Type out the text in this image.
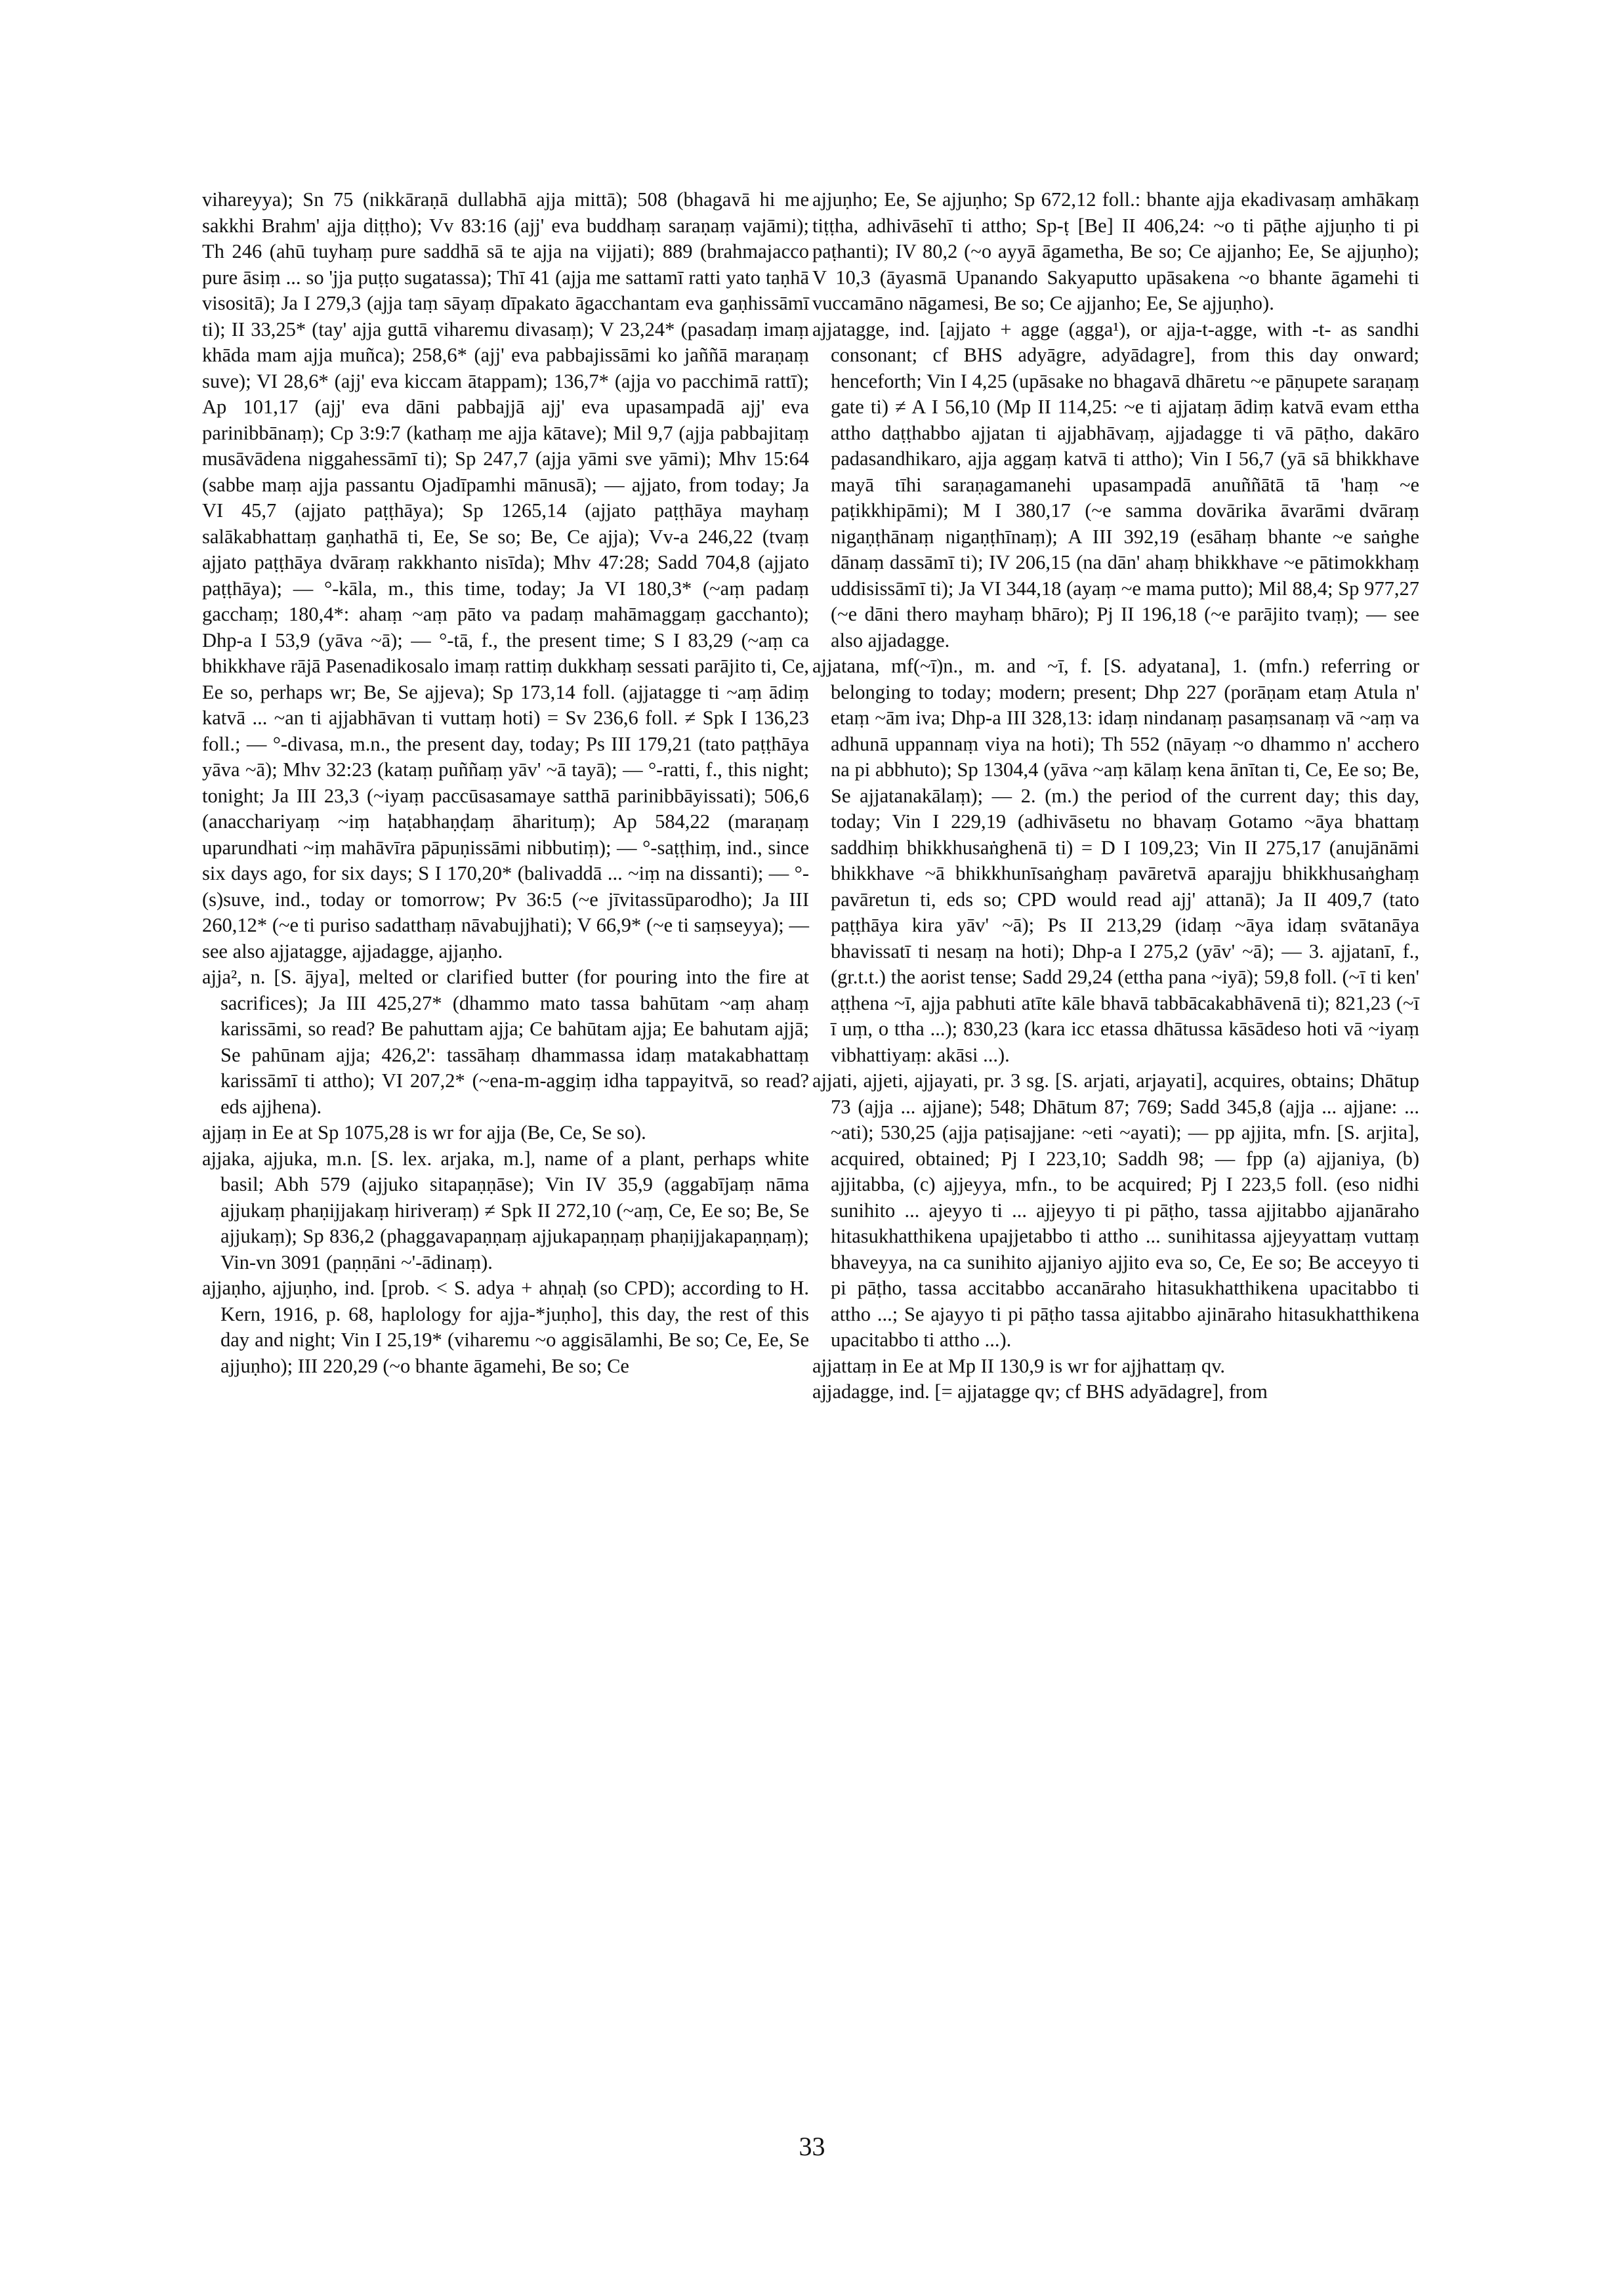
vihareyya); Sn 75 (nikkāraṇā dullabhā ajja mittā); 508 (bhagavā hi me sakkhi Brahm' ajja diṭṭho); Vv 83:16 (ajj' eva buddhaṃ saraṇaṃ vajāmi); Th 246 (ahū tuyhaṃ pure saddhā sā te ajja na vijjati); 889 (brahmajacco pure āsiṃ ... so 'jja puṭṭo sugatassa); Thī 41 (ajja me sattamī ratti yato taṇhā visositā); Ja I 279,3 (ajja taṃ sāyaṃ dīpakato āgacchantam eva gaṇhissāmī ti); II 33,25* (tay' ajja guttā viharemu divasaṃ); V 23,24* (pasadaṃ imaṃ khāda mam ajja muñca); 258,6* (ajj' eva pabbajissāmi ko jaññā maraṇaṃ suve); VI 28,6* (ajj' eva kiccam ātappam); 136,7* (ajja vo pacchimā rattī); Ap 101,17 (ajj' eva dāni pabbajjā ajj' eva upasampadā ajj' eva parinibbānaṃ); Cp 3:9:7 (kathaṃ me ajja kātave); Mil 9,7 (ajja pabbajitaṃ musāvādena niggahessāmī ti); Sp 247,7 (ajja yāmi sve yāmi); Mhv 15:64 (sabbe maṃ ajja passantu Ojadīpamhi mānusā); — ajjato, from today; Ja VI 45,7 (ajjato paṭṭhāya); Sp 1265,14 (ajjato paṭṭhāya mayhaṃ salākabhattaṃ gaṇhathā ti, Ee, Se so; Be, Ce ajja); Vv-a 246,22 (tvaṃ ajjato paṭṭhāya dvāraṃ rakkhanto nisīda); Mhv 47:28; Sadd 704,8 (ajjato paṭṭhāya); — °-kāla, m., this time, today; Ja VI 180,3* (~aṃ padaṃ gacchaṃ; 180,4*: ahaṃ ~aṃ pāto va padaṃ mahāmaggaṃ gacchanto); Dhp-a I 53,9 (yāva ~ā); — °-tā, f., the present time; S I 83,29 (~aṃ ca bhikkhave rājā Pasenadikosalo imaṃ rattiṃ dukkhaṃ sessati parājito ti, Ce, Ee so, perhaps wr; Be, Se ajjeva); Sp 173,14 foll. (ajjatagge ti ~aṃ ādiṃ katvā ... ~an ti ajjabhāvan ti vuttaṃ hoti) = Sv 236,6 foll. ≠ Spk I 136,23 foll.; — °-divasa, m.n., the present day, today; Ps III 179,21 (tato paṭṭhāya yāva ~ā); Mhv 32:23 (kataṃ puññaṃ yāv' ~ā tayā); — °-ratti, f., this night; tonight; Ja III 23,3 (~iyaṃ paccūsasamaye satthā parinibbāyissati); 506,6 (anacchariyaṃ ~iṃ haṭabhaṇḍaṃ āharituṃ); Ap 584,22 (maraṇaṃ uparundhati ~iṃ mahāvīra pāpuṇissāmi nibbutiṃ); — °-saṭṭhiṃ, ind., since six days ago, for six days; S I 170,20* (balivaddā ... ~iṃ na dissanti); — °-(s)suve, ind., today or tomorrow; Pv 36:5 (~e jīvitassūparodho); Ja III 260,12* (~e ti puriso sadatthaṃ nāvabujjhati); V 66,9* (~e ti saṃseyya); — see also ajjatagge, ajjadagge, ajjaṇho.

ajja², n. [S. ājya], melted or clarified butter (for pouring into the fire at sacrifices); Ja III 425,27* (dhammo mato tassa bahūtam ~aṃ ahaṃ karissāmi, so read? Be pahuttam ajja; Ce bahūtam ajja; Ee bahutam ajjā; Se pahūnam ajja; 426,2': tassāhaṃ dhammassa idaṃ matakabhattaṃ karissāmī ti attho); VI 207,2* (~ena-m-aggiṃ idha tappayitvā, so read? eds ajjhena).

ajjaṃ in Ee at Sp 1075,28 is wr for ajja (Be, Ce, Se so).

ajjaka, ajjuka, m.n. [S. lex. arjaka, m.], name of a plant, perhaps white basil; Abh 579 (ajjuko sitapaṇṇāse); Vin IV 35,9 (aggabījaṃ nāma ajjukaṃ phaṇijjakaṃ hiriveraṃ) ≠ Spk II 272,10 (~aṃ, Ce, Ee so; Be, Se ajjukaṃ); Sp 836,2 (phaggavapaṇṇaṃ ajjukapaṇṇaṃ phaṇijjakapaṇṇaṃ); Vin-vn 3091 (paṇṇāni ~'-ādinaṃ).

ajjaṇho, ajjuṇho, ind. [prob. < S. adya + ahṇaḥ (so CPD); according to H. Kern, 1916, p. 68, haplology for ajja-*juṇho], this day, the rest of this day and night; Vin I 25,19* (viharemu ~o aggisālamhi, Be so; Ce, Ee, Se ajjuṇho); III 220,29 (~o bhante āgamehi, Be so; Ce

ajjuṇho; Ee, Se ajjuṇho; Sp 672,12 foll.: bhante ajja ekadivasaṃ amhākaṃ tiṭṭha, adhivāsehī ti attho; Sp-ṭ [Be] II 406,24: ~o ti pāṭhe ajjuṇho ti pi paṭhanti); IV 80,2 (~o ayyā āgametha, Be so; Ce ajjanho; Ee, Se ajjuṇho); V 10,3 (āyasmā Upanando Sakyaputto upāsakena ~o bhante āgamehi ti vuccamāno nāgamesi, Be so; Ce ajjanho; Ee, Se ajjuṇho).

ajjatagge, ind. [ajjato + agge (agga¹), or ajja-t-agge, with -t- as sandhi consonant; cf BHS adyāgre, adyādagre], from this day onward; henceforth; Vin I 4,25 (upāsake no bhagavā dhāretu ~e pāṇupete saraṇaṃ gate ti) ≠ A I 56,10 (Mp II 114,25: ~e ti ajjataṃ ādiṃ katvā evam ettha attho daṭṭhabbo ajjatan ti ajjabhāvaṃ, ajjadagge ti vā pāṭho, dakāro padasandhikaro, ajja aggaṃ katvā ti attho); Vin I 56,7 (yā sā bhikkhave mayā tīhi saraṇagamanehi upasampadā anuññātā tā 'haṃ ~e paṭikkhipāmi); M I 380,17 (~e samma dovārika āvarāmi dvāraṃ nigaṇṭhānaṃ nigaṇṭhīnaṃ); A III 392,19 (esāhaṃ bhante ~e saṅghe dānaṃ dassāmī ti); IV 206,15 (na dān' ahaṃ bhikkhave ~e pātimokkhaṃ uddisissāmī ti); Ja VI 344,18 (ayaṃ ~e mama putto); Mil 88,4; Sp 977,27 (~e dāni thero mayhaṃ bhāro); Pj II 196,18 (~e parājito tvaṃ); — see also ajjadagge.

ajjatana, mf(~ī)n., m. and ~ī, f. [S. adyatana], 1. (mfn.) referring or belonging to today; modern; present; Dhp 227 (porāṇam etaṃ Atula n' etaṃ ~ām iva; Dhp-a III 328,13: idaṃ nindanaṃ pasaṃsanaṃ vā ~aṃ va adhunā uppannaṃ viya na hoti); Th 552 (nāyaṃ ~o dhammo n' acchero na pi abbhuto); Sp 1304,4 (yāva ~aṃ kālaṃ kena ānītan ti, Ce, Ee so; Be, Se ajjatanakālaṃ); — 2. (m.) the period of the current day; this day, today; Vin I 229,19 (adhivāsetu no bhavaṃ Gotamo ~āya bhattaṃ saddhiṃ bhikkhusaṅghenā ti) = D I 109,23; Vin II 275,17 (anujānāmi bhikkhave ~ā bhikkhunīsaṅghaṃ pavāretvā aparajju bhikkhusaṅghaṃ pavāretun ti, eds so; CPD would read ajj' attanā); Ja II 409,7 (tato paṭṭhāya kira yāv' ~ā); Ps II 213,29 (idaṃ ~āya idaṃ svātanāya bhavissatī ti nesaṃ na hoti); Dhp-a I 275,2 (yāv' ~ā); — 3. ajjatanī, f., (gr.t.t.) the aorist tense; Sadd 29,24 (ettha pana ~iyā); 59,8 foll. (~ī ti ken' aṭṭhena ~ī, ajja pabhuti atīte kāle bhavā tabbācakabhāvenā ti); 821,23 (~ī ī uṃ, o ttha ...); 830,23 (kara icc etassa dhātussa kāsādeso hoti vā ~iyaṃ vibhattiyaṃ: akāsi ...).

ajjati, ajjeti, ajjayati, pr. 3 sg. [S. arjati, arjayati], acquires, obtains; Dhātup 73 (ajja ... ajjane); 548; Dhātum 87; 769; Sadd 345,8 (ajja ... ajjane: ... ~ati); 530,25 (ajja paṭisajjane: ~eti ~ayati); — pp ajjita, mfn. [S. arjita], acquired, obtained; Pj I 223,10; Saddh 98; — fpp (a) ajjaniya, (b) ajjitabba, (c) ajjeyya, mfn., to be acquired; Pj I 223,5 foll. (eso nidhi sunihito ... ajeyyo ti ... ajjeyyo ti pi pāṭho, tassa ajjitabbo ajjanāraho hitasukhatthikena upajjetabbo ti attho ... sunihitassa ajjeyyattaṃ vuttaṃ bhaveyya, na ca sunihito ajjaniyo ajjito eva so, Ce, Ee so; Be acceyyo ti pi pāṭho, tassa accitabbo accanāraho hitasukhatthikena upacitabbo ti attho ...; Se ajayyo ti pi pāṭho tassa ajitabbo ajināraho hitasukhatthikena upacitabbo ti attho ...).

ajjattaṃ in Ee at Mp II 130,9 is wr for ajjhattaṃ qv.

ajjadagge, ind. [= ajjatagge qv; cf BHS adyādagre], from

33
